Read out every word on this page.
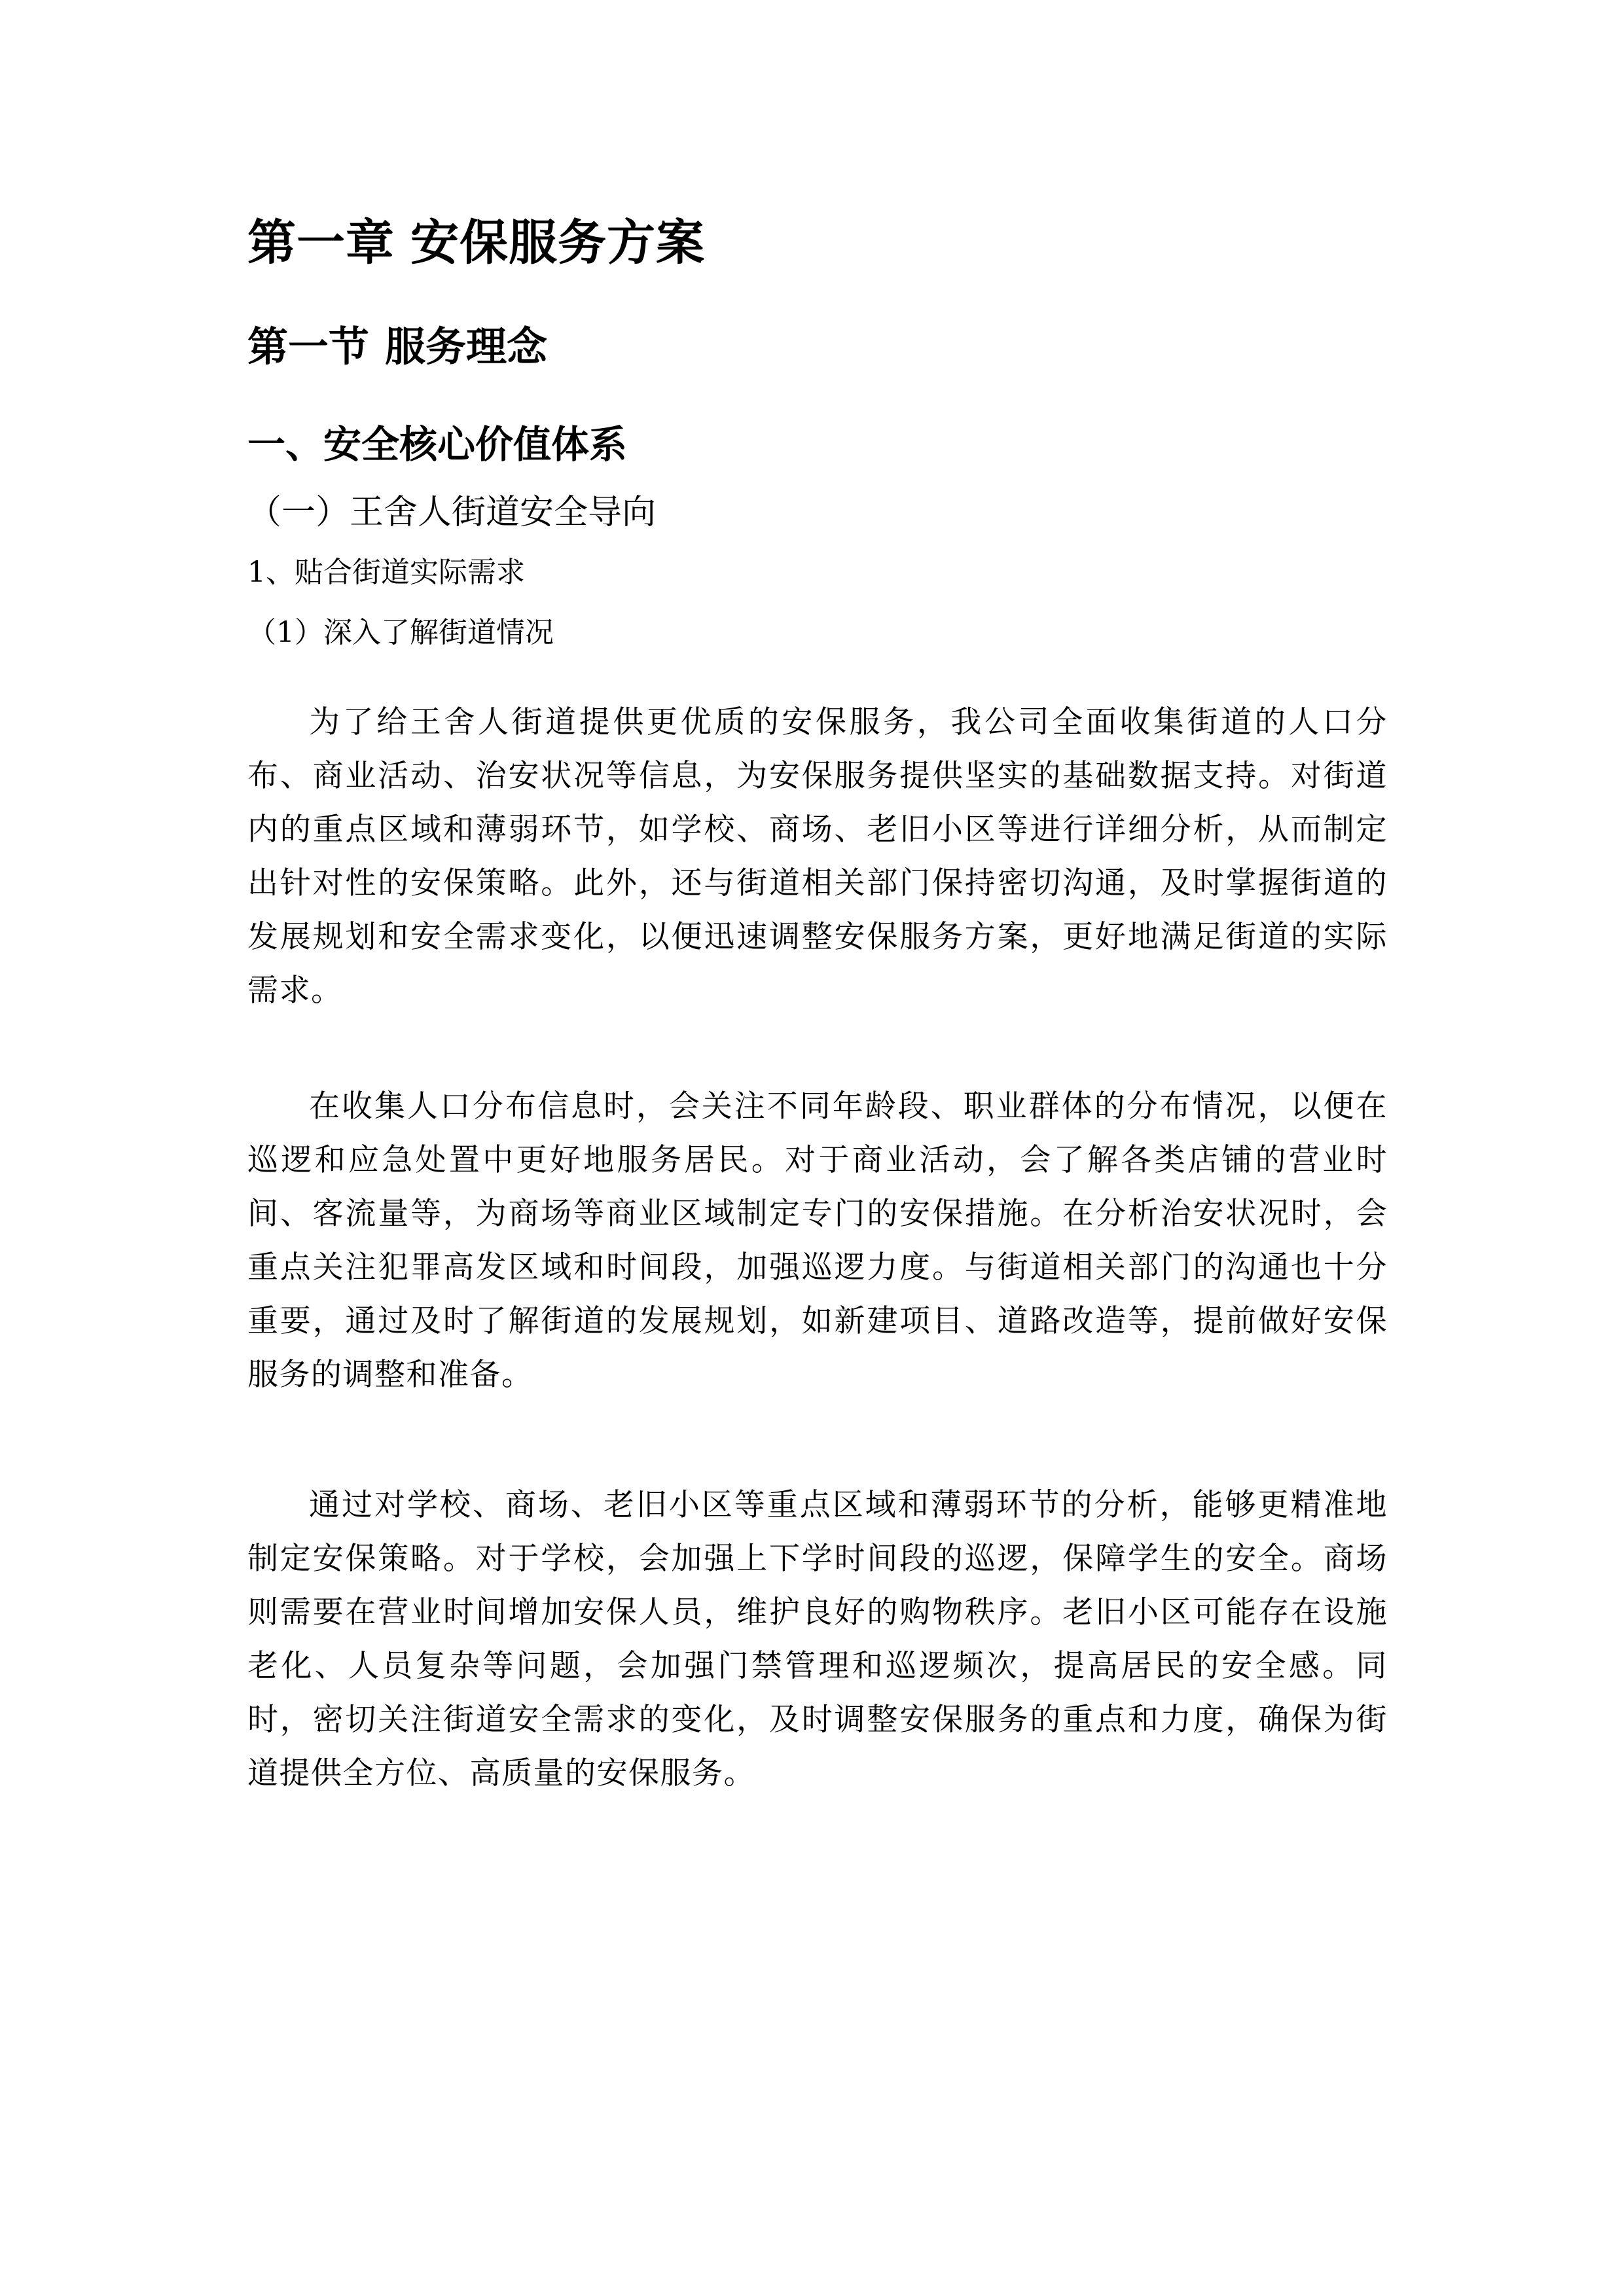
第一章 安保服务方案
第一节 服务理念
一、安全核心价值体系
（一）王舍人街道安全导向
1、贴合街道实际需求
（1）深入了解街道情况

为了给王舍人街道提供更优质的安保服务，我公司全面收集街道的人口分布、商业活动、治安状况等信息，为安保服务提供坚实的基础数据支持。对街道内的重点区域和薄弱环节，如学校、商场、老旧小区等进行详细分析，从而制定出针对性的安保策略。此外，还与街道相关部门保持密切沟通，及时掌握街道的发展规划和安全需求变化，以便迅速调整安保服务方案，更好地满足街道的实际需求。

在收集人口分布信息时，会关注不同年龄段、职业群体的分布情况，以便在巡逻和应急处置中更好地服务居民。对于商业活动，会了解各类店铺的营业时间、客流量等，为商场等商业区域制定专门的安保措施。在分析治安状况时，会重点关注犯罪高发区域和时间段，加强巡逻力度。与街道相关部门的沟通也十分重要，通过及时了解街道的发展规划，如新建项目、道路改造等，提前做好安保服务的调整和准备。

通过对学校、商场、老旧小区等重点区域和薄弱环节的分析，能够更精准地制定安保策略。对于学校，会加强上下学时间段的巡逻，保障学生的安全。商场则需要在营业时间增加安保人员，维护良好的购物秩序。老旧小区可能存在设施老化、人员复杂等问题，会加强门禁管理和巡逻频次，提高居民的安全感。同时，密切关注街道安全需求的变化，及时调整安保服务的重点和力度，确保为街道提供全方位、高质量的安保服务。
